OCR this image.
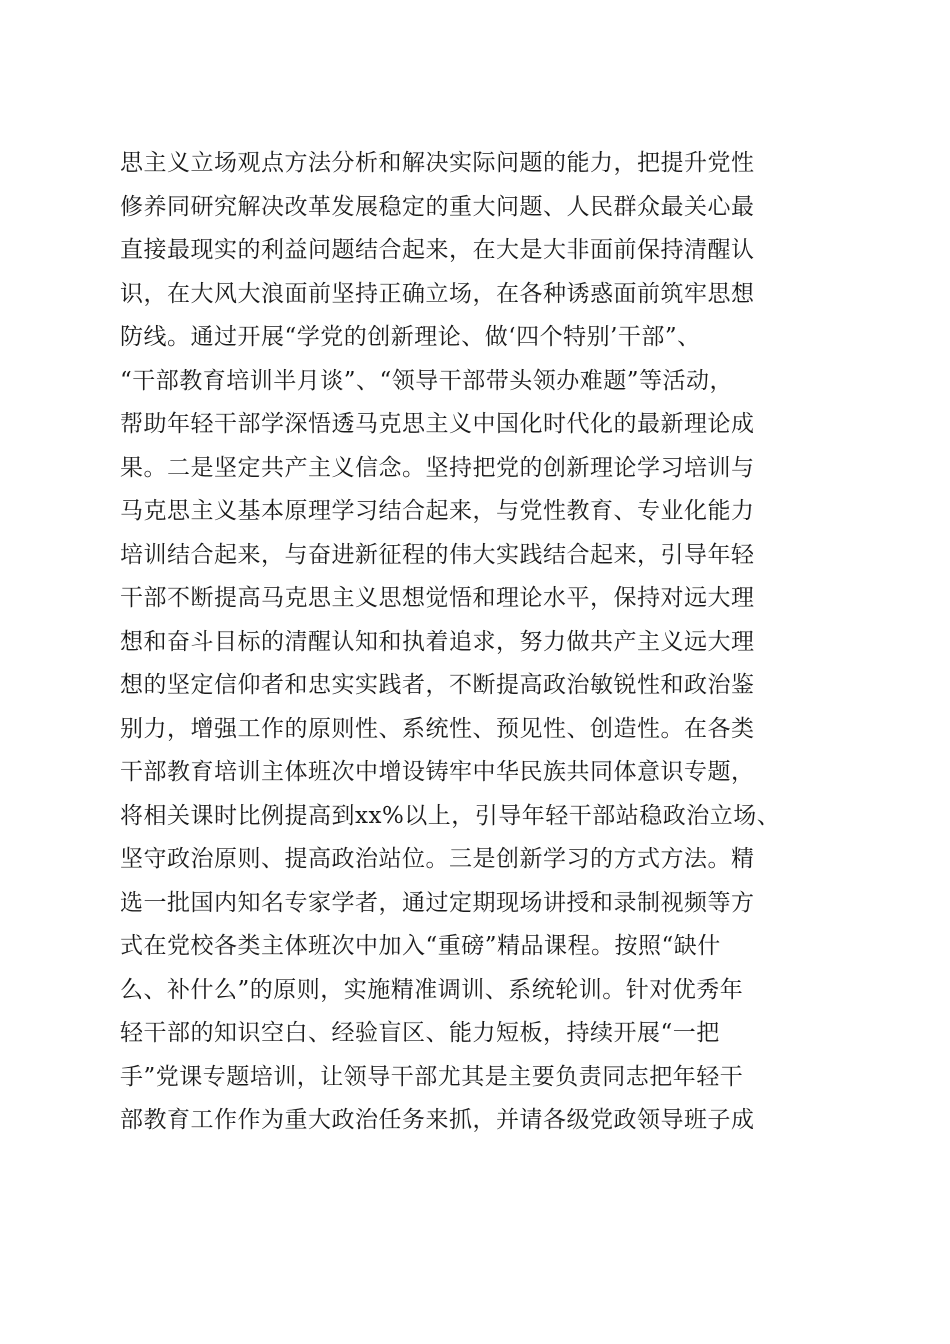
思主义立场观点方法分析和解决实际问题的能力，把提升党性
修养同研究解决改革发展稳定的重大问题、人民群众最关心最
直接最现实的利益问题结合起来，在大是大非面前保持清醒认
识，在大风大浪面前坚持正确立场，在各种诱惑面前筑牢思想
防线。通过开展“学党的创新理论、做‘四个特别’干部”、
“干部教育培训半月谈”、“领导干部带头领办难题”等活动，
帮助年轻干部学深悟透马克思主义中国化时代化的最新理论成
果。二是坚定共产主义信念。坚持把党的创新理论学习培训与
马克思主义基本原理学习结合起来，与党性教育、专业化能力
培训结合起来，与奋进新征程的伟大实践结合起来，引导年轻
干部不断提高马克思主义思想觉悟和理论水平，保持对远大理
想和奋斗目标的清醒认知和执着追求，努力做共产主义远大理
想的坚定信仰者和忠实实践者，不断提高政治敏锐性和政治鉴
别力，增强工作的原则性、系统性、预见性、创造性。在各类
干部教育培训主体班次中增设铸牢中华民族共同体意识专题，
将相关课时比例提高到xx%以上，引导年轻干部站稳政治立场、
坚守政治原则、提高政治站位。三是创新学习的方式方法。精
选一批国内知名专家学者，通过定期现场讲授和录制视频等方
式在党校各类主体班次中加入“重磅”精品课程。按照“缺什
么、补什么”的原则，实施精准调训、系统轮训。针对优秀年
轻干部的知识空白、经验盲区、能力短板，持续开展“一把
手”党课专题培训，让领导干部尤其是主要负责同志把年轻干
部教育工作作为重大政治任务来抓，并请各级党政领导班子成
